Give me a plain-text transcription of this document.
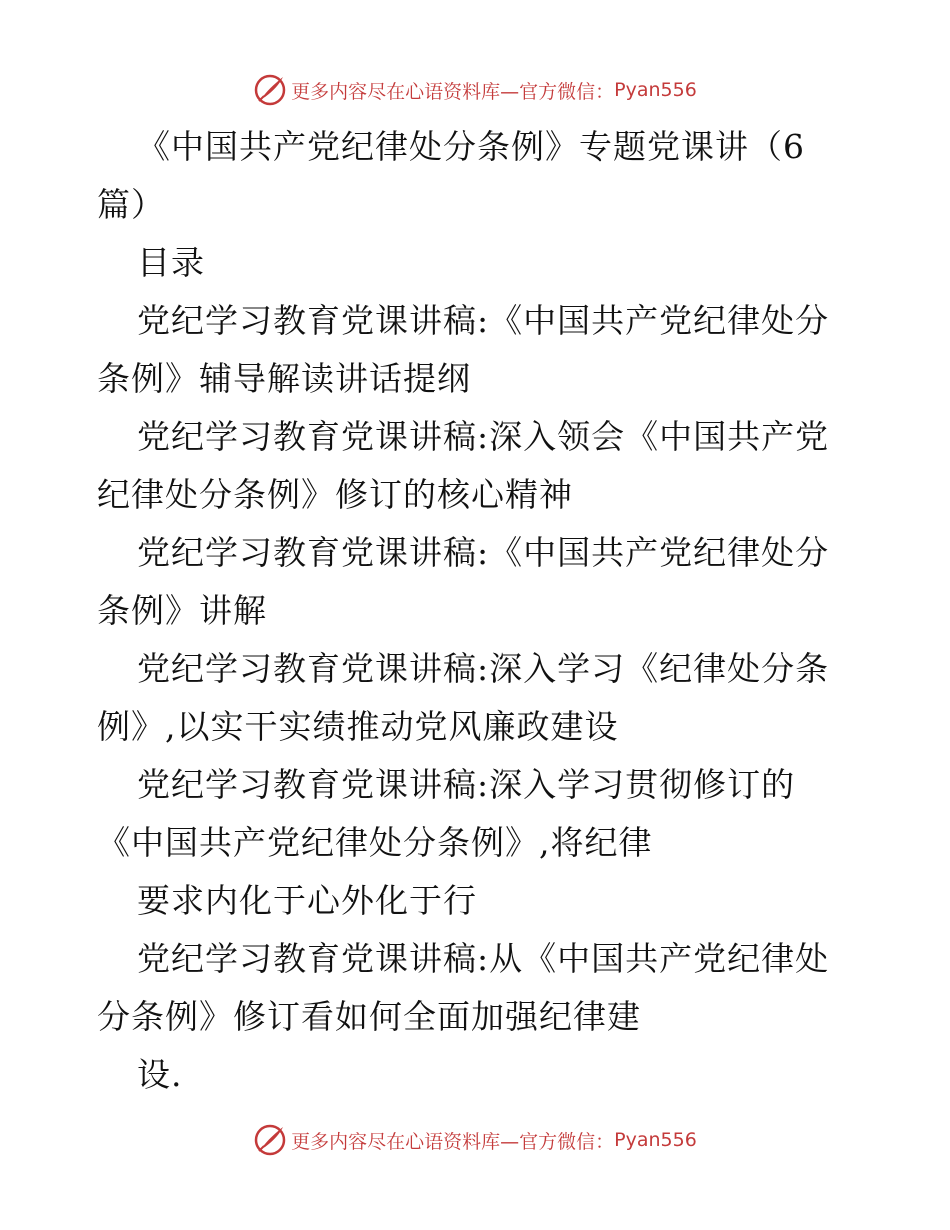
更多内容尽在心语资料库—官方微信： Pyan556
《中国共产党纪律处分条例》专题党课讲（6
篇）
目录
党纪学习教育党课讲稿:《中国共产党纪律处分
条例》辅导解读讲话提纲
党纪学习教育党课讲稿:深入领会《中国共产党
纪律处分条例》修订的核心精神
党纪学习教育党课讲稿:《中国共产党纪律处分
条例》讲解
党纪学习教育党课讲稿:深入学习《纪律处分条
例》,以实干实绩推动党风廉政建设
党纪学习教育党课讲稿:深入学习贯彻修订的
《中国共产党纪律处分条例》,将纪律
要求内化于心外化于行
党纪学习教育党课讲稿:从《中国共产党纪律处
分条例》修订看如何全面加强纪律建
设.
更多内容尽在心语资料库—官方微信： Pyan556
